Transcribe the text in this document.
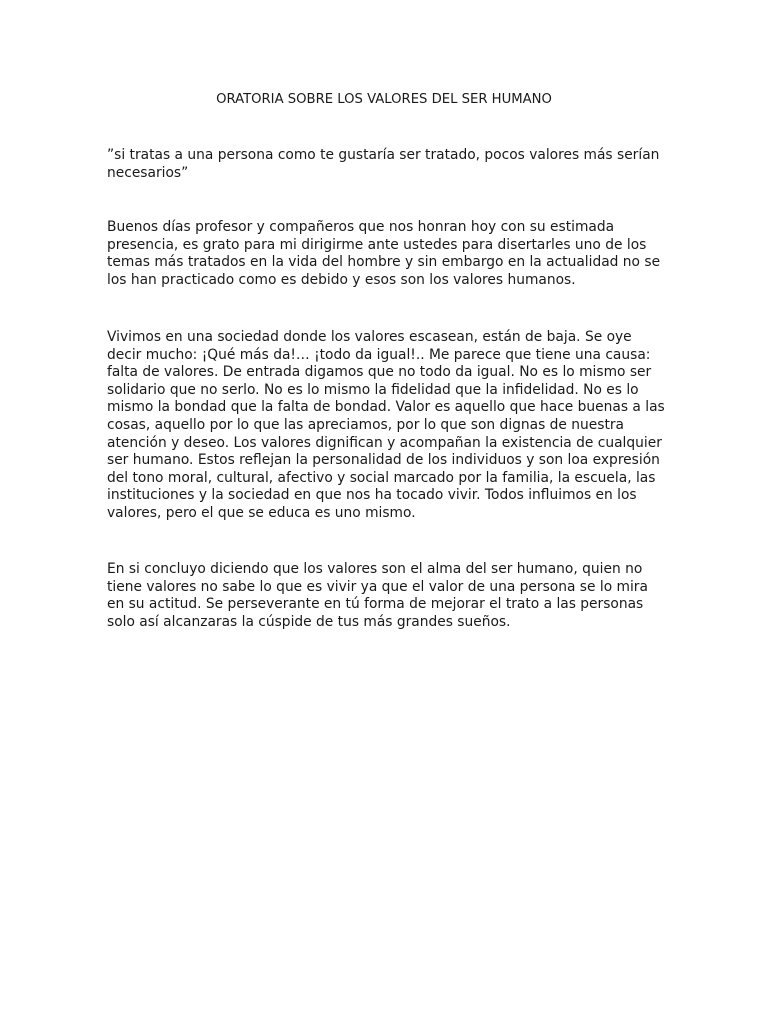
ORATORIA SOBRE LOS VALORES DEL SER HUMANO

”si tratas a una persona como te gustaría ser tratado, pocos valores más serían necesarios”

Buenos días profesor y compañeros que nos honran hoy con su estimada presencia, es grato para mi dirigirme ante ustedes para disertarles uno de los temas más tratados en la vida del hombre y sin embargo en la actualidad no se los han practicado como es debido y esos son los valores humanos.

Vivimos en una sociedad donde los valores escasean, están de baja. Se oye decir mucho: ¡Qué más da!… ¡todo da igual!.. Me parece que tiene una causa: falta de valores. De entrada digamos que no todo da igual. No es lo mismo ser solidario que no serlo. No es lo mismo la fidelidad que la infidelidad. No es lo mismo la bondad que la falta de bondad. Valor es aquello que hace buenas a las cosas, aquello por lo que las apreciamos, por lo que son dignas de nuestra atención y deseo. Los valores dignifican y acompañan la existencia de cualquier ser humano. Estos reflejan la personalidad de los individuos y son loa expresión del tono moral, cultural, afectivo y social marcado por la familia, la escuela, las instituciones y la sociedad en que nos ha tocado vivir. Todos influimos en los valores, pero el que se educa es uno mismo.

En si concluyo diciendo que los valores son el alma del ser humano, quien no tiene valores no sabe lo que es vivir ya que el valor de una persona se lo mira en su actitud. Se perseverante en tú forma de mejorar el trato a las personas solo así alcanzaras la cúspide de tus más grandes sueños.
